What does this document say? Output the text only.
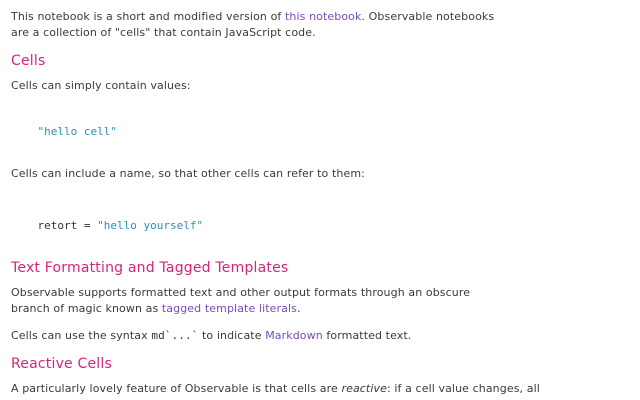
This notebook is a short and modified version of this notebook. Observable notebooks are a collection of "cells" that contain JavaScript code.

Cells

Cells can simply contain values:

"hello cell"

Cells can include a name, so that other cells can refer to them:

retort = "hello yourself"

Text Formatting and Tagged Templates

Observable supports formatted text and other output formats through an obscure branch of magic known as tagged template literals.

Cells can use the syntax md`...` to indicate Markdown formatted text.

Reactive Cells

A particularly lovely feature of Observable is that cells are reactive: if a cell value changes, all
